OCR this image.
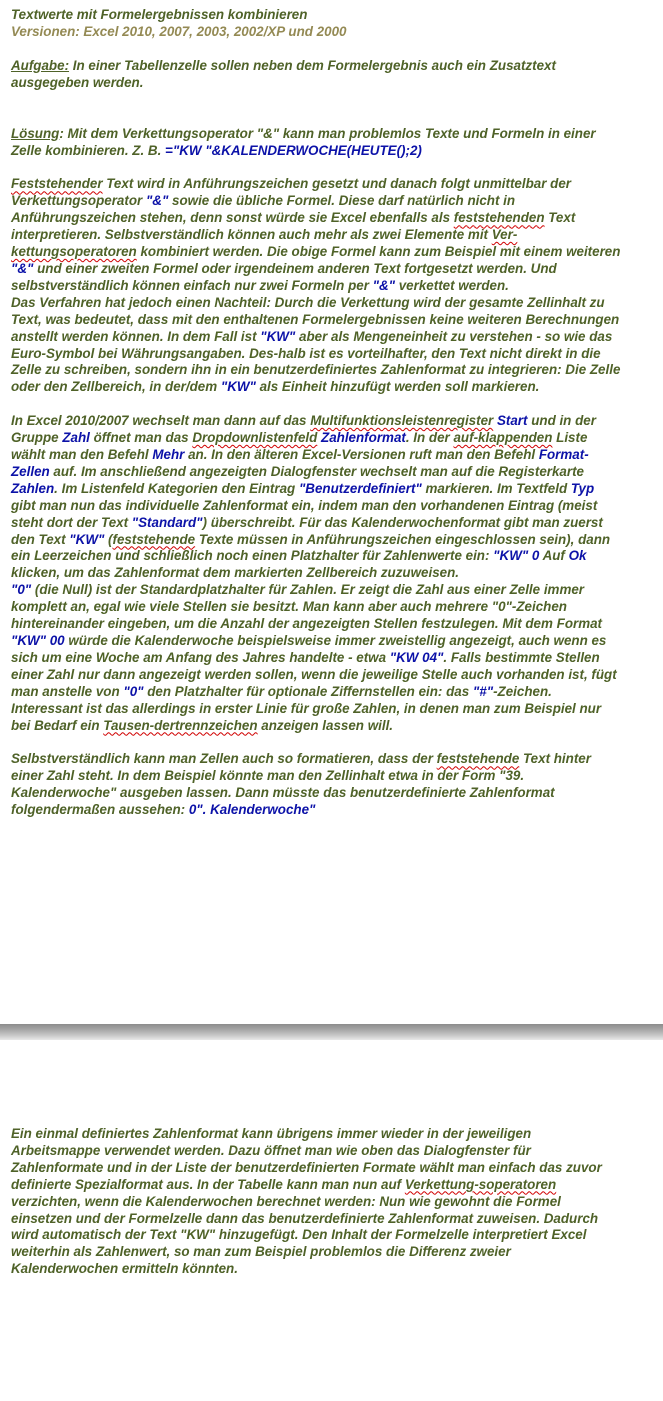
Textwerte mit Formelergebnissen kombinieren

Versionen: Excel 2010, 2007, 2003, 2002/XP und 2000

Aufgabe: In einer Tabellenzelle sollen neben dem Formelergebnis auch ein Zusatztext ausgegeben werden.

Lösung: Mit dem Verkettungsoperator "&" kann man problemlos Texte und Formeln in einer Zelle kombinieren. Z. B. ="KW "&KALENDERWOCHE(HEUTE();2)

Feststehender Text wird in Anführungszeichen gesetzt und danach folgt unmittelbar der Verkettungsoperator "&" sowie die übliche Formel. Diese darf natürlich nicht in Anführungszeichen stehen, denn sonst würde sie Excel ebenfalls als feststehenden Text interpretieren. Selbstverständlich können auch mehr als zwei Elemente mit Ver-kettungsoperatoren kombiniert werden. Die obige Formel kann zum Beispiel mit einem weiteren "&" und einer zweiten Formel oder irgendeinem anderen Text fortgesetzt werden. Und selbstverständlich können einfach nur zwei Formeln per "&" verkettet werden.

Das Verfahren hat jedoch einen Nachteil: Durch die Verkettung wird der gesamte Zellinhalt zu Text, was bedeutet, dass mit den enthaltenen Formelergebnissen keine weiteren Berechnungen anstellt werden können. In dem Fall ist "KW" aber als Mengeneinheit zu verstehen - so wie das Euro-Symbol bei Währungsangaben. Des-halb ist es vorteilhafter, den Text nicht direkt in die Zelle zu schreiben, sondern ihn in ein benutzerdefiniertes Zahlenformat zu integrieren: Die Zelle oder den Zellbereich, in der/dem "KW" als Einheit hinzufügt werden soll markieren.

In Excel 2010/2007 wechselt man dann auf das Multifunktionsleistenregister Start und in der Gruppe Zahl öffnet man das Dropdownlistenfeld Zahlenformat. In der auf-klappenden Liste wählt man den Befehl Mehr an. In den älteren Excel-Versionen ruft man den Befehl Format-Zellen auf. Im anschließend angezeigten Dialogfenster wechselt man auf die Registerkarte Zahlen. Im Listenfeld Kategorien den Eintrag "Benutzerdefiniert" markieren. Im Textfeld Typ gibt man nun das individuelle Zahlenformat ein, indem man den vorhandenen Eintrag (meist steht dort der Text "Standard") überschreibt. Für das Kalenderwochenformat gibt man zuerst den Text "KW" (feststehende Texte müssen in Anführungszeichen eingeschlossen sein), dann ein Leerzeichen und schließlich noch einen Platzhalter für Zahlenwerte ein: "KW" 0 Auf Ok klicken, um das Zahlenformat dem markierten Zellbereich zuzuweisen.

"0" (die Null) ist der Standardplatzhalter für Zahlen. Er zeigt die Zahl aus einer Zelle immer komplett an, egal wie viele Stellen sie besitzt. Man kann aber auch mehrere "0"-Zeichen hintereinander eingeben, um die Anzahl der angezeigten Stellen festzulegen. Mit dem Format "KW" 00 würde die Kalenderwoche beispielsweise immer zweistellig angezeigt, auch wenn es sich um eine Woche am Anfang des Jahres handelte - etwa "KW 04". Falls bestimmte Stellen einer Zahl nur dann angezeigt werden sollen, wenn die jeweilige Stelle auch vorhanden ist, fügt man anstelle von "0" den Platzhalter für optionale Ziffernstellen ein: das "#"-Zeichen. Interessant ist das allerdings in erster Linie für große Zahlen, in denen man zum Beispiel nur bei Bedarf ein Tausen-dertrennzeichen anzeigen lassen will.

Selbstverständlich kann man Zellen auch so formatieren, dass der feststehende Text hinter einer Zahl steht. In dem Beispiel könnte man den Zellinhalt etwa in der Form "39. Kalenderwoche" ausgeben lassen. Dann müsste das benutzerdefinierte Zahlenformat folgendermaßen aussehen: 0". Kalenderwoche"

Ein einmal definiertes Zahlenformat kann übrigens immer wieder in der jeweiligen Arbeitsmappe verwendet werden. Dazu öffnet man wie oben das Dialogfenster für Zahlenformate und in der Liste der benutzerdefinierten Formate wählt man einfach das zuvor definierte Spezialformat aus. In der Tabelle kann man nun auf Verkettung-soperatoren verzichten, wenn die Kalenderwochen berechnet werden: Nun wie gewohnt die Formel einsetzen und der Formelzelle dann das benutzerdefinierte Zahlenformat zuweisen. Dadurch wird automatisch der Text "KW" hinzugefügt. Den Inhalt der Formelzelle interpretiert Excel weiterhin als Zahlenwert, so man zum Beispiel problemlos die Differenz zweier Kalenderwochen ermitteln könnten.
